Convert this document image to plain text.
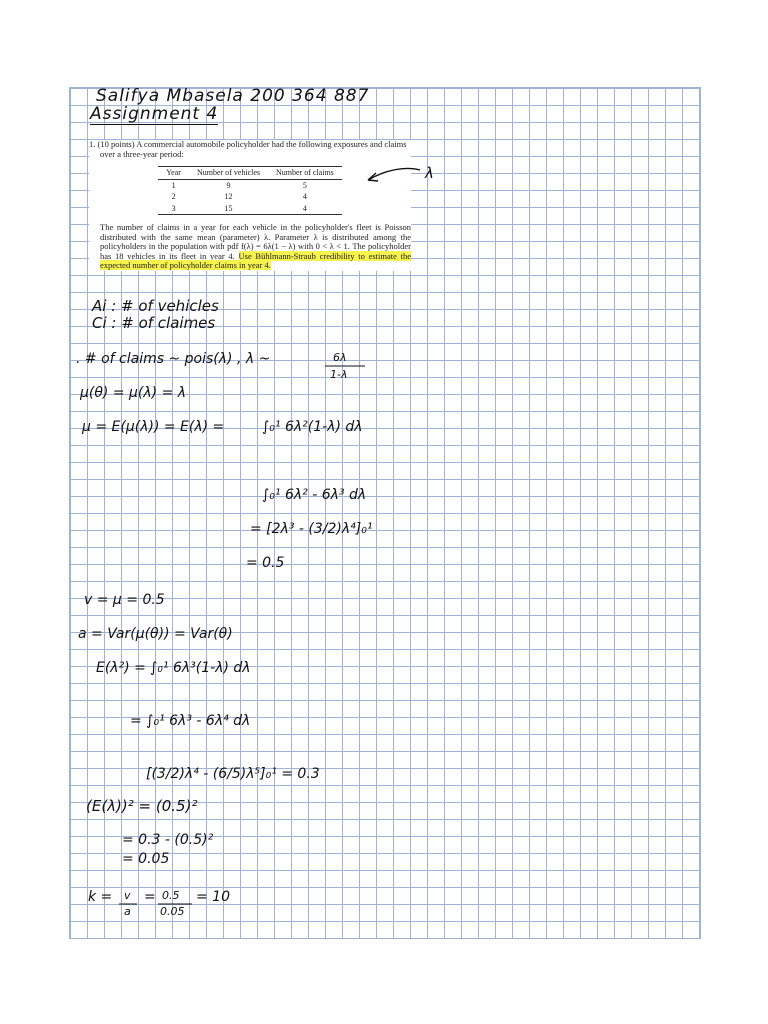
Salifya Mbasela 200 364 887
Assignment 4

1. (10 points) A commercial automobile policyholder had the following exposures and claims over a three-year period:

Year	Number of vehicles	Number of claims
1	9	5
2	12	4
3	15	4

The number of claims in a year for each vehicle in the policyholder's fleet is Poisson distributed with the same mean (parameter) λ. Parameter λ is distributed among the policyholders in the population with pdf f(λ) = 6λ(1 − λ) with 0 < λ < 1. The policyholder has 18 vehicles in its fleet in year 4. Use Bühlmann-Straub credibility to estimate the expected number of policyholder claims in year 4.

λ
Ai : # of vehicles
Ci : # of claimes
. # of claims ~ pois(λ) , λ ~	6λ
1-λ
μ(θ) = μ(λ) = λ
μ = E(μ(λ)) = E(λ) =	∫₀¹ 6λ²(1-λ) dλ
∫₀¹ 6λ² - 6λ³ dλ
= [2λ³ - (3/2)λ⁴]₀¹
= 0.5
v = μ = 0.5
a = Var(μ(θ)) = Var(θ)
E(λ²) = ∫₀¹ 6λ³(1-λ) dλ
= ∫₀¹ 6λ³ - 6λ⁴ dλ
[(3/2)λ⁴ - (6/5)λ⁵]₀¹ = 0.3
(E(λ))² = (0.5)²
= 0.3 - (0.5)²
= 0.05
k = v
a
= 0.5
0.05
= 10
